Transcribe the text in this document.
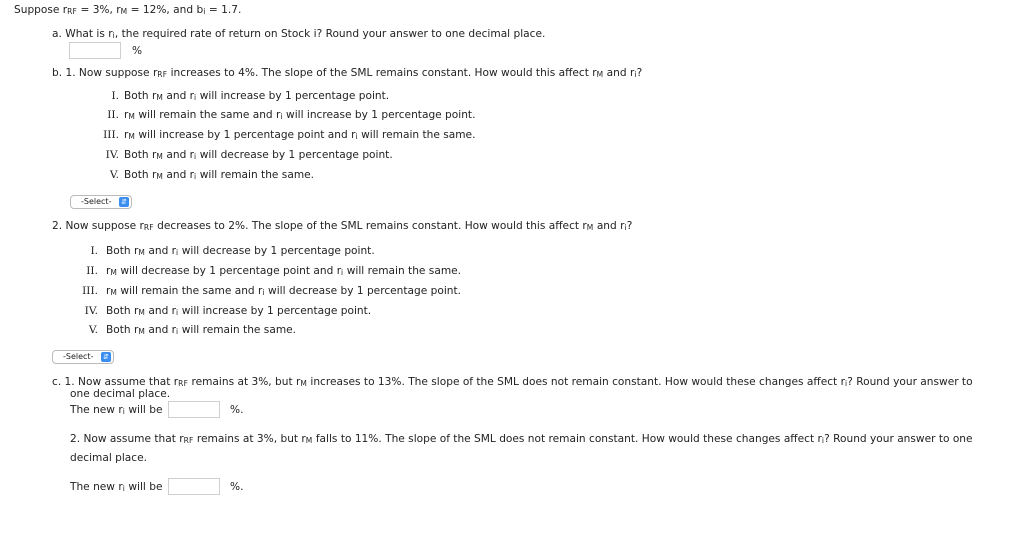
Suppose rRF = 3%, rM = 12%, and bi = 1.7.
a. What is ri, the required rate of return on Stock i? Round your answer to one decimal place.
%
b. 1. Now suppose rRF increases to 4%. The slope of the SML remains constant. How would this affect rM and ri?
I. Both rM and ri will increase by 1 percentage point.
II. rM will remain the same and ri will increase by 1 percentage point.
III. rM will increase by 1 percentage point and ri will remain the same.
IV. Both rM and ri will decrease by 1 percentage point.
V. Both rM and ri will remain the same.
-Select- ⇵
2. Now suppose rRF decreases to 2%. The slope of the SML remains constant. How would this affect rM and ri?
I. Both rM and ri will decrease by 1 percentage point.
II. rM will decrease by 1 percentage point and ri will remain the same.
III. rM will remain the same and ri will decrease by 1 percentage point.
IV. Both rM and ri will increase by 1 percentage point.
V. Both rM and ri will remain the same.
-Select- ⇵
c. 1. Now assume that rRF remains at 3%, but rM increases to 13%. The slope of the SML does not remain constant. How would these changes affect ri? Round your answer to
one decimal place.
The new ri will be	%.
2. Now assume that rRF remains at 3%, but rM falls to 11%. The slope of the SML does not remain constant. How would these changes affect ri? Round your answer to one
decimal place.
The new ri will be	%.
